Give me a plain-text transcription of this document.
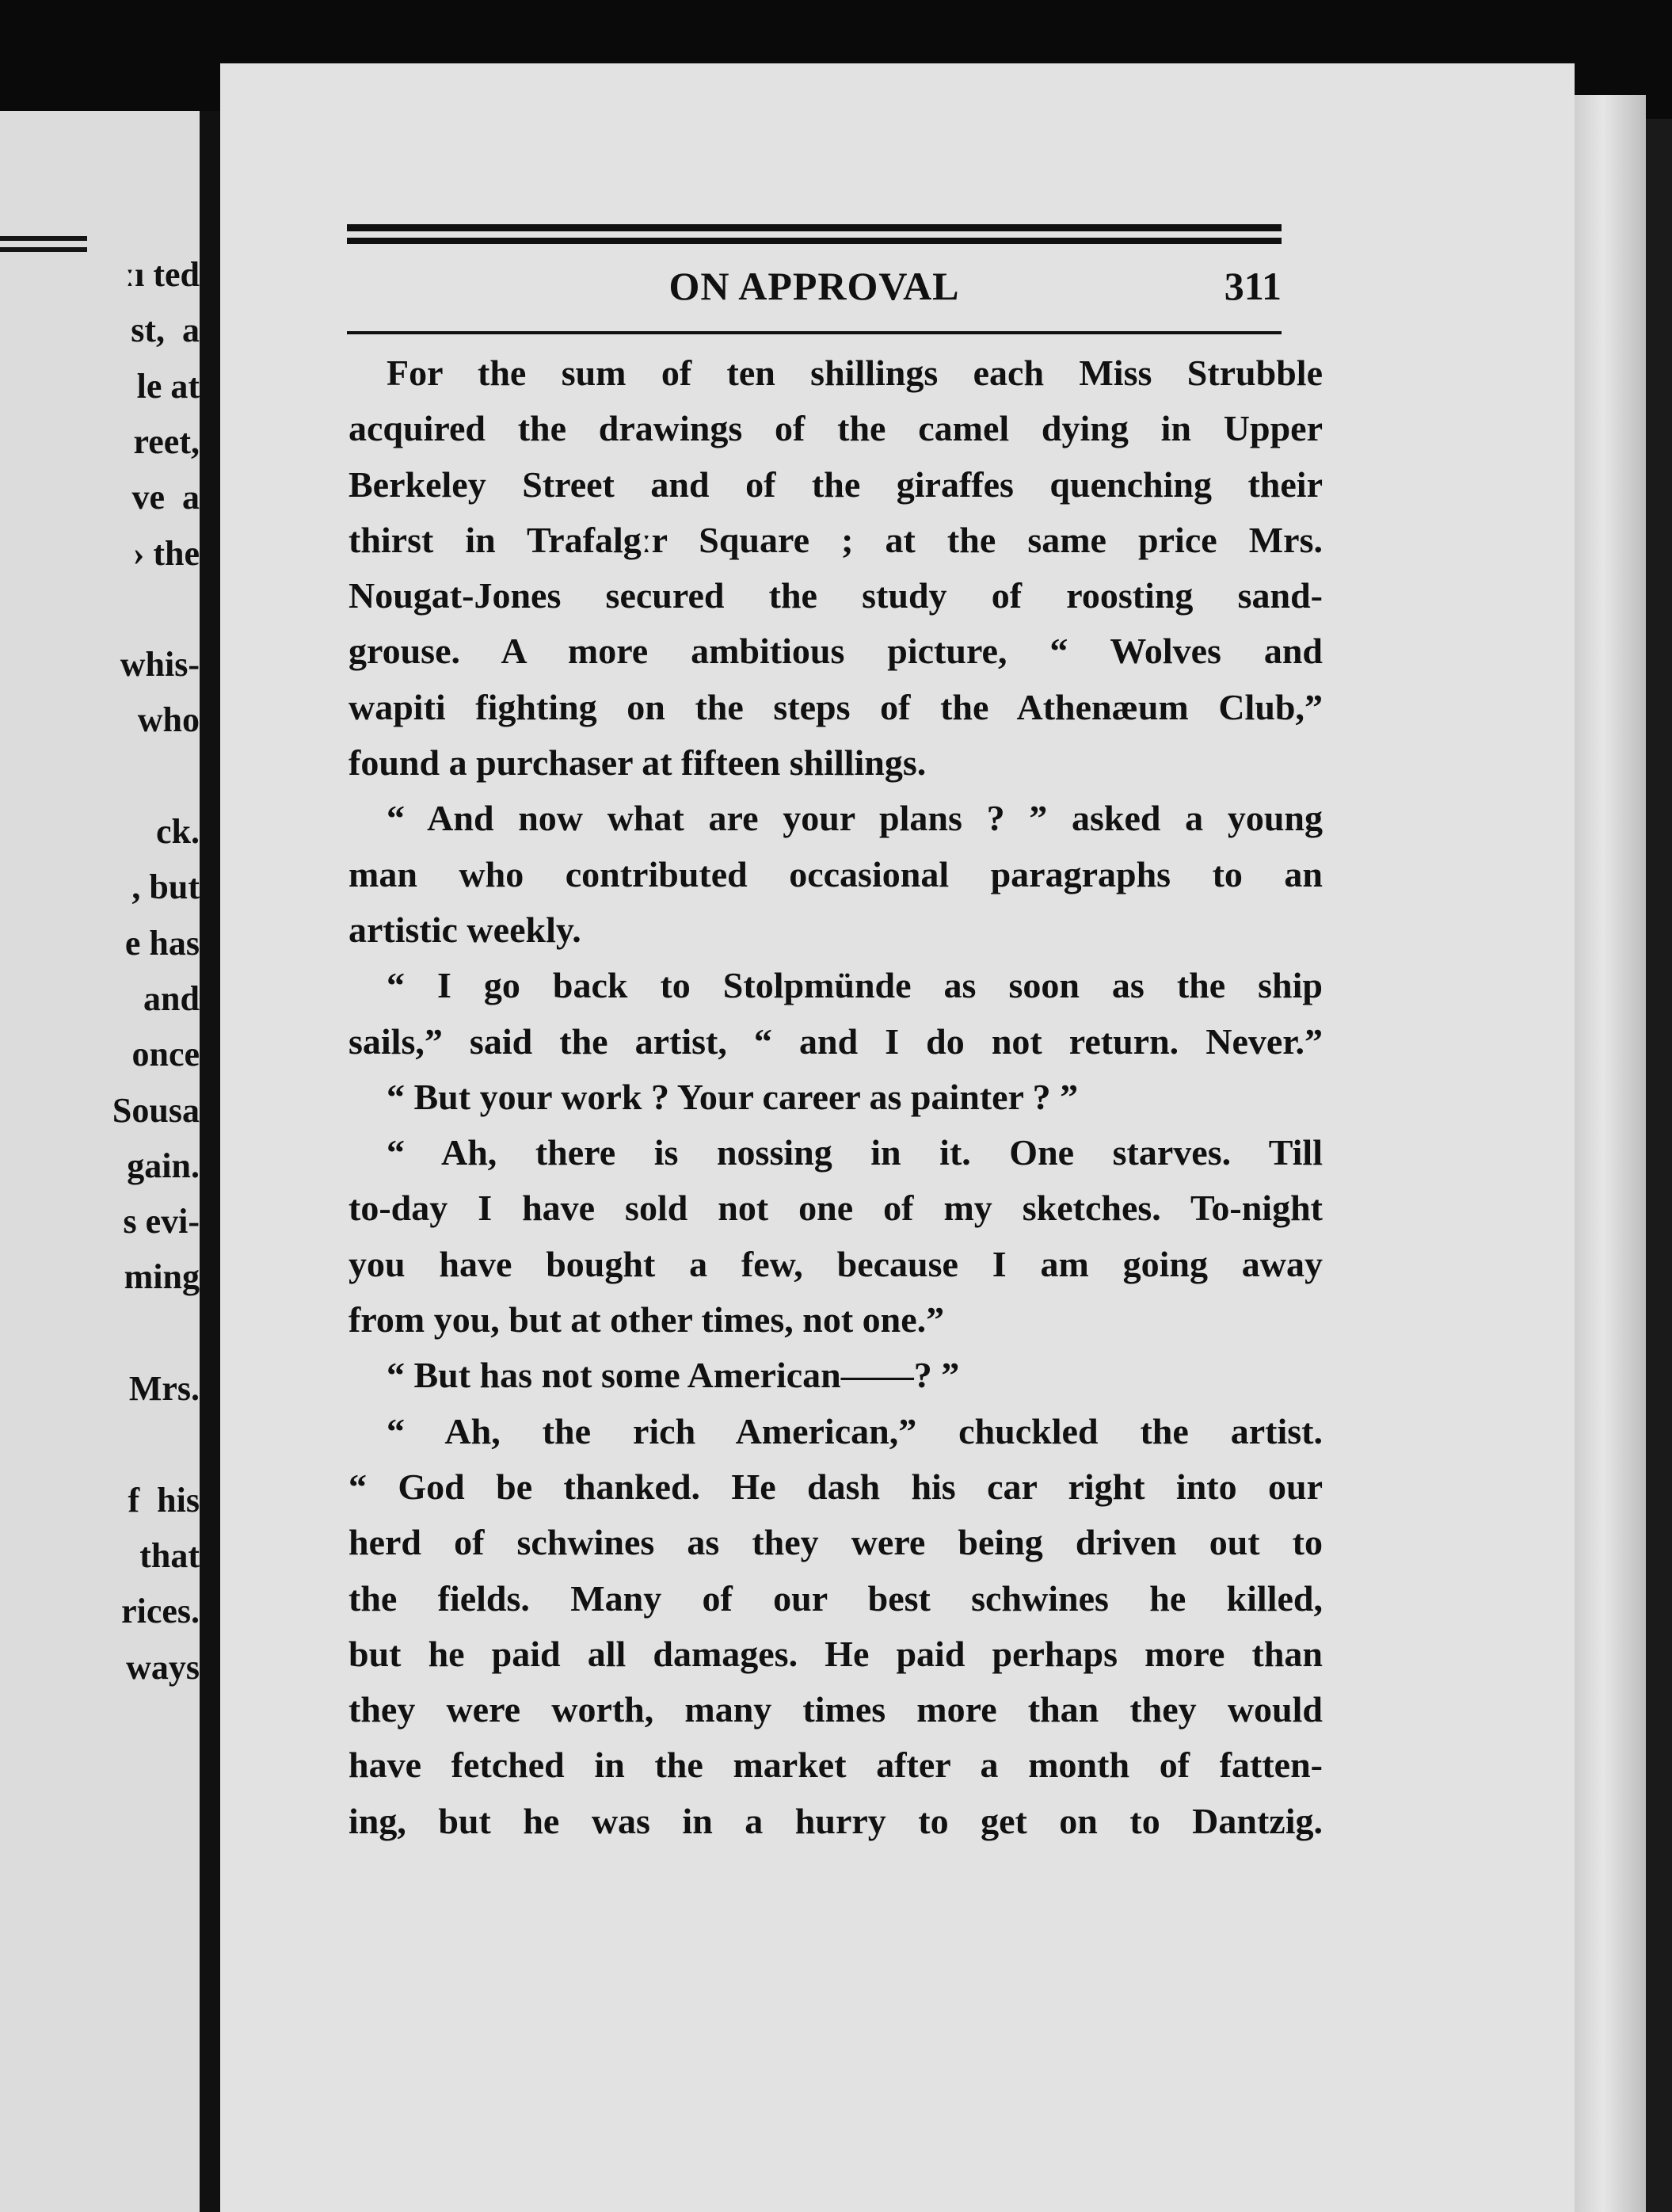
ːı ted
st,  a
le at
reet,
ve  a
› the
whis-
who
ck.
, but
e has
and
once
Sousa
gain.
s evi-
ming
Mrs.
f  his
that
rices.
ways
ON APPROVAL	311
For the sum of ten shillings each Miss Strubble
acquired the drawings of the camel dying in Upper
Berkeley Street and of the giraffes quenching their
thirst in Trafalgːr Square ; at the same price Mrs.
Nougat-Jones secured the study of roosting sand-
grouse. A more ambitious picture, “ Wolves and
wapiti fighting on the steps of the Athenæum Club,”
found a purchaser at fifteen shillings.
“ And now what are your plans ? ” asked a young
man who contributed occasional paragraphs to an
artistic weekly.
“ I go back to Stolpmünde as soon as the ship
sails,” said the artist, “ and I do not return. Never.”
“ But your work ? Your career as painter ? ”
“ Ah, there is nossing in it. One starves. Till
to-day I have sold not one of my sketches. To-night
you have bought a few, because I am going away
from you, but at other times, not one.”
“ But has not some American——? ”
“ Ah, the rich American,” chuckled the artist.
“ God be thanked. He dash his car right into our
herd of schwines as they were being driven out to
the fields. Many of our best schwines he killed,
but he paid all damages. He paid perhaps more than
they were worth, many times more than they would
have fetched in the market after a month of fatten-
ing, but he was in a hurry to get on to Dantzig.
